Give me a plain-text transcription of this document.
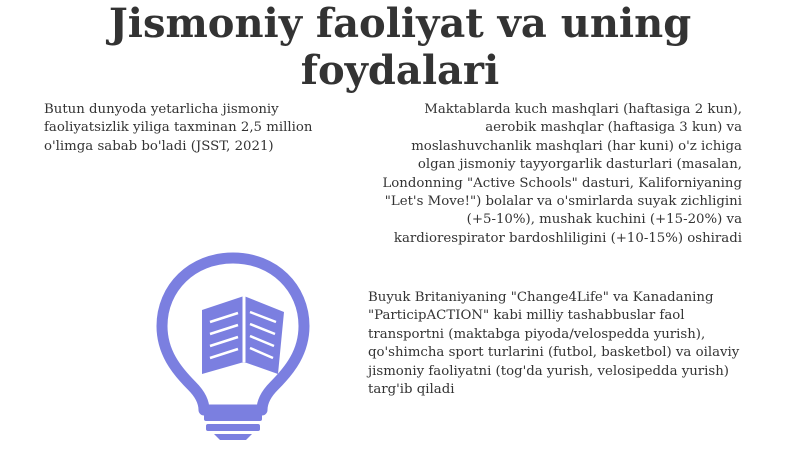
Jismoniy faoliyat va uning foydalari

Butun dunyoda yetarlicha jismoniy faoliyatsizlik yiliga taxminan 2,5 million o'limga sabab bo'ladi (JSST, 2021)

Maktablarda kuch mashqlari (haftasiga 2 kun), aerobik mashqlar (haftasiga 3 kun) va moslashuvchanlik mashqlari (har kuni) o'z ichiga olgan jismoniy tayyorgarlik dasturlari (masalan, Londonning "Active Schools" dasturi, Kaliforniyaning "Let's Move!") bolalar va o'smirlarda suyak zichligini (+5-10%), mushak kuchini (+15-20%) va kardiorespirator bardoshliligini (+10-15%) oshiradi

Buyuk Britaniyaning "Change4Life" va Kanadaning "ParticipACTION" kabi milliy tashabbuslar faol transportni (maktabga piyoda/velospedda yurish), qo'shimcha sport turlarini (futbol, basketbol) va oilaviy jismoniy faoliyatni (tog'da yurish, velosipedda yurish) targ'ib qiladi
